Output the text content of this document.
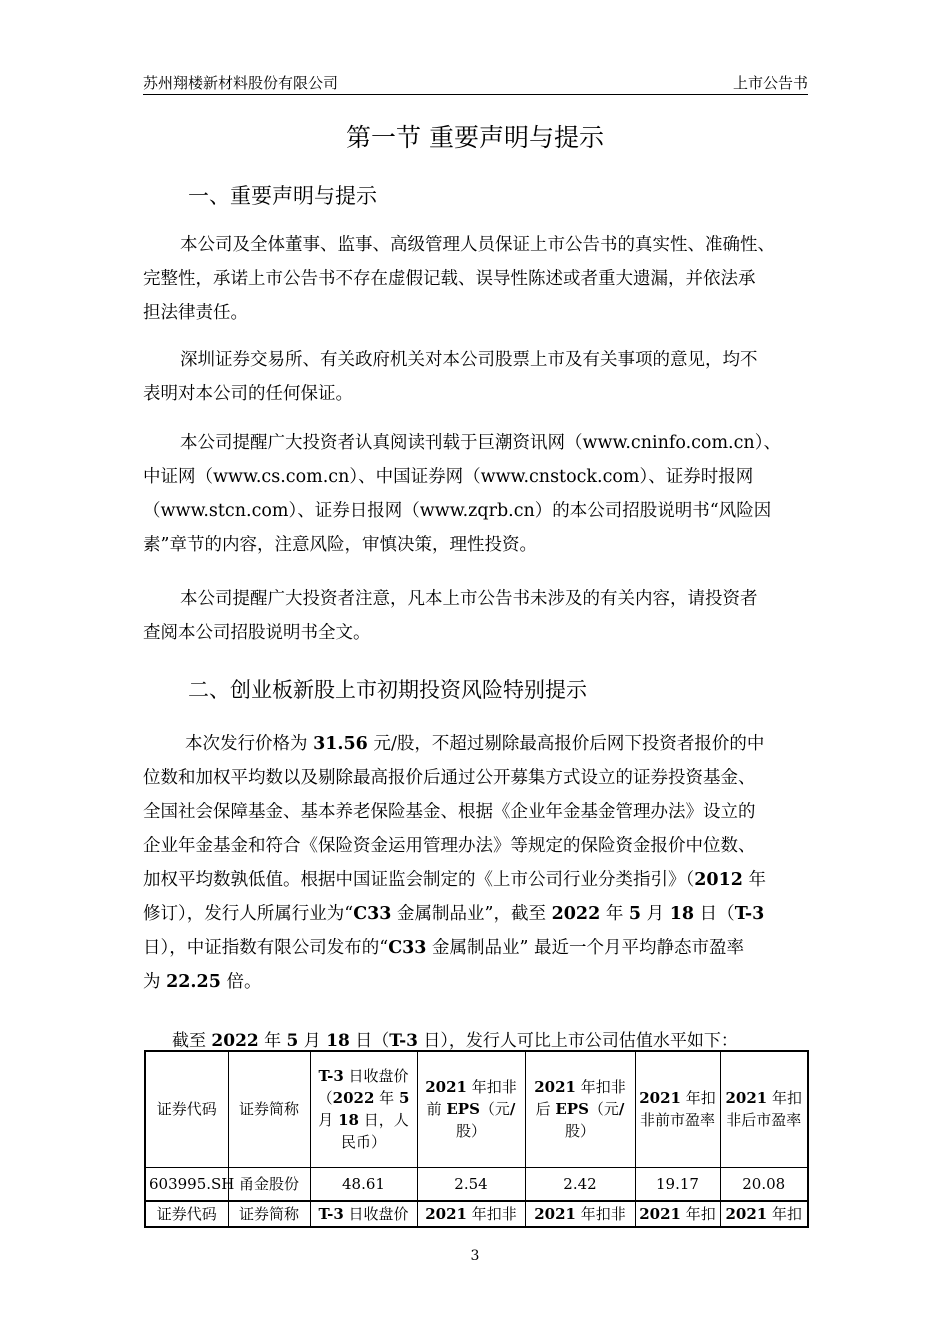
苏州翔楼新材料股份有限公司	上市公告书
第一节 重要声明与提示
一、重要声明与提示
本公司及全体董事、监事、高级管理人员保证上市公告书的真实性、准确性、
完整性，承诺上市公告书不存在虚假记载、误导性陈述或者重大遗漏，并依法承
担法律责任。
深圳证券交易所、有关政府机关对本公司股票上市及有关事项的意见，均不
表明对本公司的任何保证。
本公司提醒广大投资者认真阅读刊载于巨潮资讯网（www.cninfo.com.cn）、
中证网（www.cs.com.cn）、中国证券网（www.cnstock.com）、证券时报网
（www.stcn.com）、证券日报网（www.zqrb.cn）的本公司招股说明书“风险因
素”章节的内容，注意风险，审慎决策，理性投资。
本公司提醒广大投资者注意，凡本上市公告书未涉及的有关内容，请投资者
查阅本公司招股说明书全文。
二、创业板新股上市初期投资风险特别提示
本次发行价格为 31.56 元/股，不超过剔除最高报价后网下投资者报价的中
位数和加权平均数以及剔除最高报价后通过公开募集方式设立的证券投资基金、
全国社会保障基金、基本养老保险基金、根据《企业年金基金管理办法》设立的
企业年金基金和符合《保险资金运用管理办法》等规定的保险资金报价中位数、
加权平均数孰低值。根据中国证监会制定的《上市公司行业分类指引》（2012 年
修订），发行人所属行业为“C33 金属制品业”，截至 2022 年 5 月 18 日（T-3
日），中证指数有限公司发布的“C33 金属制品业” 最近一个月平均静态市盈率
为 22.25 倍。
截至 2022 年 5 月 18 日（T-3 日），发行人可比上市公司估值水平如下：
证券代码	证券简称	T-3 日收盘价（2022 年 5 月 18 日，人民币）	2021 年扣非前 EPS（元/股）	2021 年扣非后 EPS（元/股）	2021 年扣非前市盈率	2021 年扣非后市盈率
603995.SH	甬金股份	48.61	2.54	2.42	19.17	20.08

证券代码	证券简称	T-3 日收盘价	2021 年扣非	2021 年扣非	2021 年扣	2021 年扣
3
